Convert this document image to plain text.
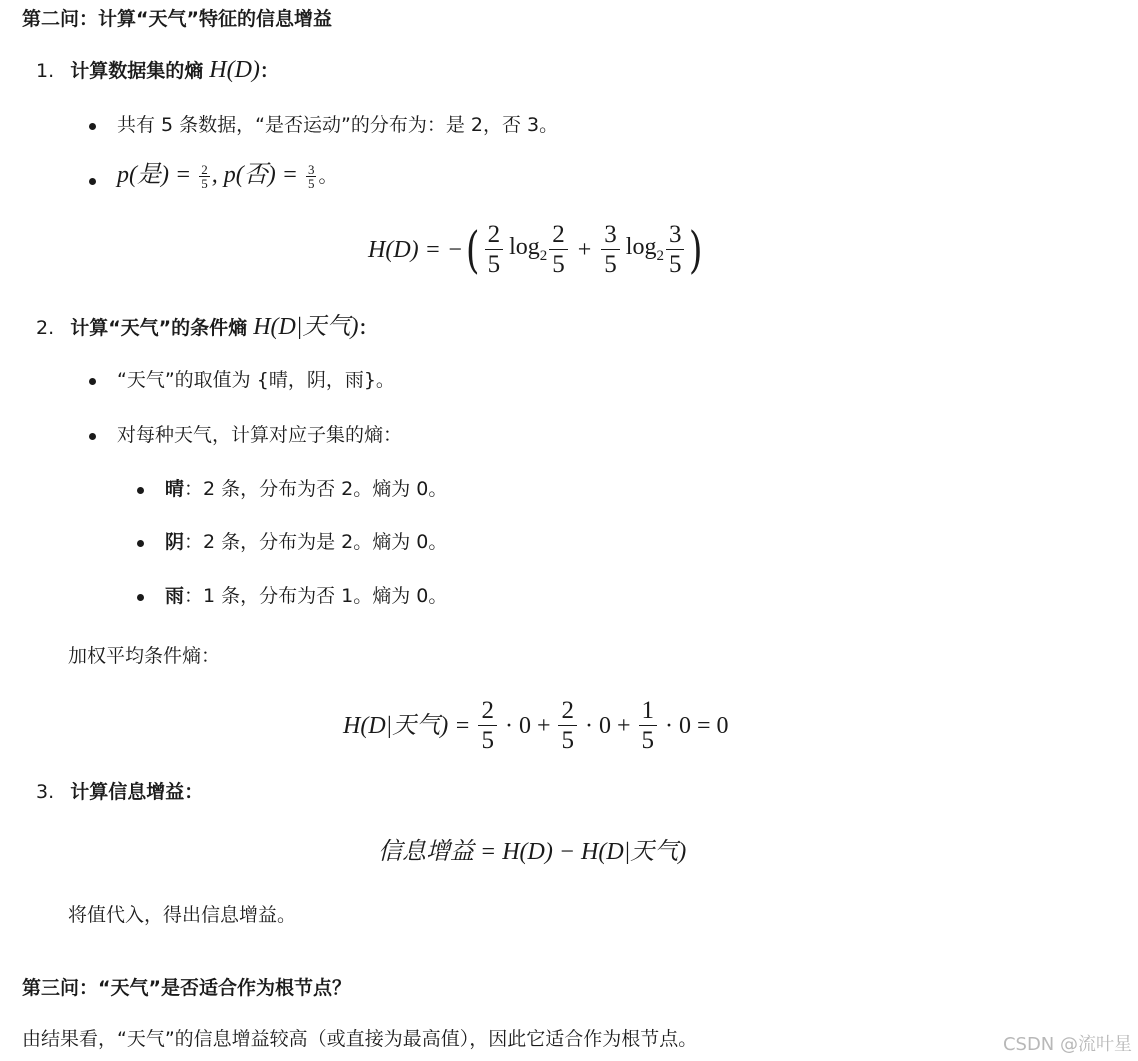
第二问：计算“天气”特征的信息增益
1. 计算数据集的熵 H(D)：
共有 5 条数据，“是否运动”的分布为：是 2，否 3。
p(是) = $\frac{2}{5}$ , p(否) = $\frac{3}{5}$ 。
H(D) = − ( $\frac{2}{5} \log_2 \frac{2}{5} + \frac{3}{5} \log_2 \frac{3}{5}$ )
2. 计算“天气”的条件熵 H(D|天气)：
“天气”的取值为 {晴，阴，雨}。
对每种天气，计算对应子集的熵：
晴：2 条，分布为否 2。熵为 0。
阴：2 条，分布为是 2。熵为 0。
雨：1 条，分布为否 1。熵为 0。
加权平均条件熵：
H(D|天气) = $\frac{2}{5} \cdot 0 + \frac{2}{5} \cdot 0 + \frac{1}{5} \cdot 0 = 0$
3. 计算信息增益：
信息增益 = H(D) − H(D|天气)
将值代入，得出信息增益。
第三问：“天气”是否适合作为根节点？
由结果看，“天气”的信息增益较高（或直接为最高值），因此它适合作为根节点。	CSDN @流叶星
